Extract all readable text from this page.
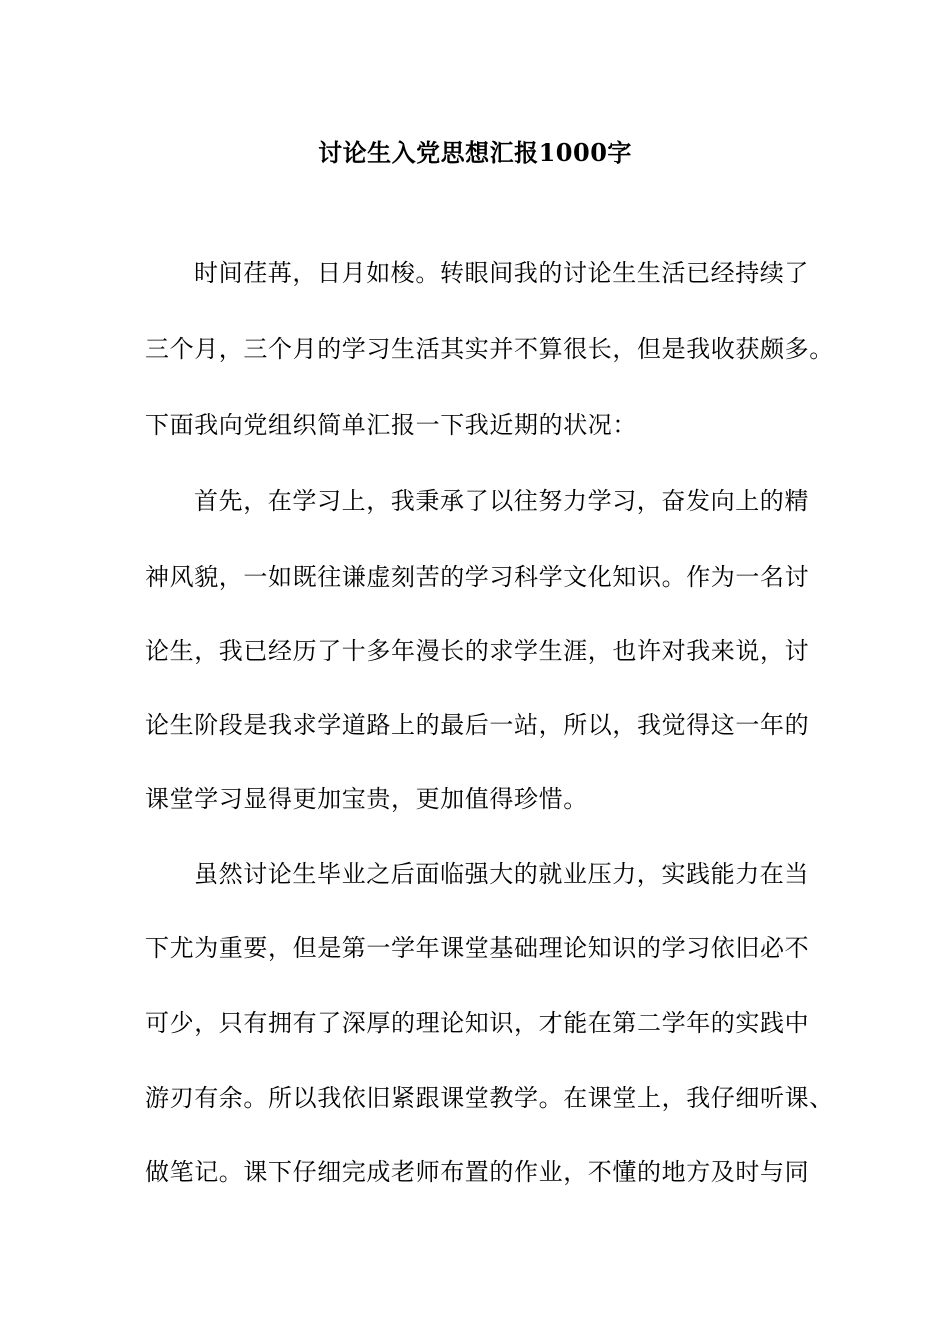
讨论生入党思想汇报1000字
时间荏苒，日月如梭。转眼间我的讨论生生活已经持续了
三个月，三个月的学习生活其实并不算很长，但是我收获颇多。
下面我向党组织简单汇报一下我近期的状况：
首先，在学习上，我秉承了以往努力学习，奋发向上的精
神风貌，一如既往谦虚刻苦的学习科学文化知识。作为一名讨
论生，我已经历了十多年漫长的求学生涯，也许对我来说，讨
论生阶段是我求学道路上的最后一站，所以，我觉得这一年的
课堂学习显得更加宝贵，更加值得珍惜。
虽然讨论生毕业之后面临强大的就业压力，实践能力在当
下尤为重要，但是第一学年课堂基础理论知识的学习依旧必不
可少，只有拥有了深厚的理论知识，才能在第二学年的实践中
游刃有余。所以我依旧紧跟课堂教学。在课堂上，我仔细听课、
做笔记。课下仔细完成老师布置的作业，不懂的地方及时与同
